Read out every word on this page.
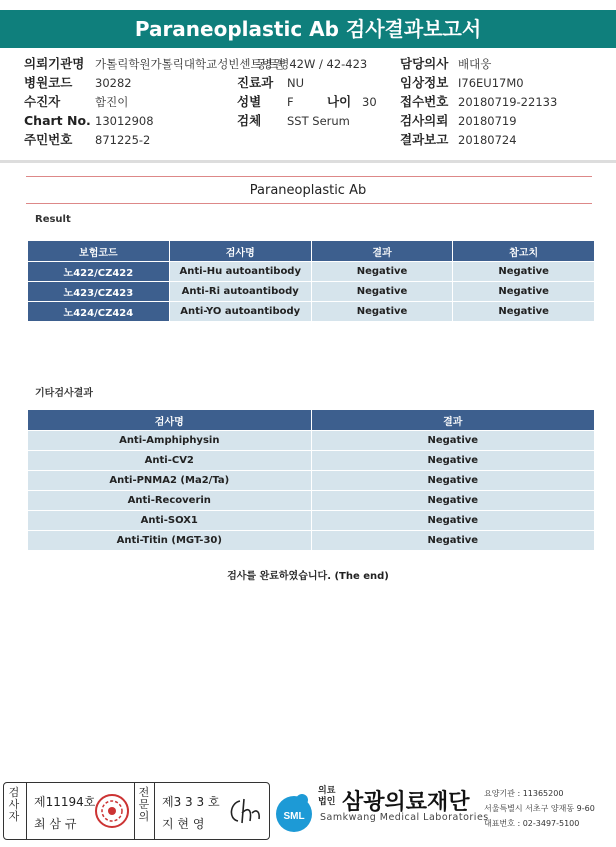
Paraneoplastic Ab 검사결과보고서
의뢰기관명 가톨릭학원가톨릭대학교성빈센트병원
동트병42W / 42-423	담당의사 배대웅
병원코드 30282	진료과 NU	임상정보 I76EU17M0
수진자	함진이	성별 F	나이 30 접수번호 20180719-22133
Chart No. 13012908	검체 SST Serum	검사의뢰 20180719
주민번호 871225-2	결과보고 20180724
Paraneoplastic Ab
Result
보험코드	검사명	결과	참고치
노422/CZ422	Anti-Hu autoantibody	Negative	Negative
노423/CZ423	Anti-Ri autoantibody	Negative	Negative
노424/CZ424	Anti-YO autoantibody	Negative	Negative
기타검사결과
검사명	결과
Anti-Amphiphysin	Negative
Anti-CV2	Negative
Anti-PNMA2 (Ma2/Ta)	Negative
Anti-Recoverin	Negative
Anti-SOX1	Negative
Anti-Titin (MGT-30)	Negative
검사를 완료하였습니다. (The end)
검사자
제11194호
최 삼 규
전문의
제3 3 3 호
지 현 영
SML
의료법인 삼광의료재단
Samkwang Medical Laboratories
요양기관 : 11365200
서울특별시 서초구 양재동 9-60
대표번호 : 02-3497-5100
